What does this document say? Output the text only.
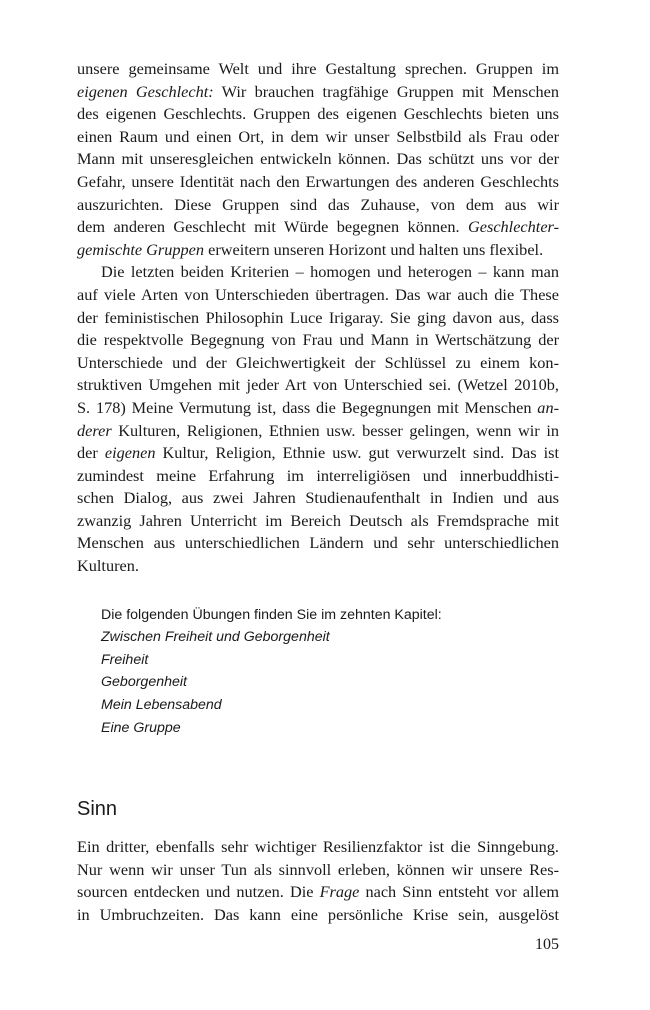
unsere gemeinsame Welt und ihre Gestaltung sprechen. Gruppen im
eigenen Geschlecht: Wir brauchen tragfähige Gruppen mit Menschen
des eigenen Geschlechts. Gruppen des eigenen Geschlechts bieten uns
einen Raum und einen Ort, in dem wir unser Selbstbild als Frau oder
Mann mit unseresgleichen entwickeln können. Das schützt uns vor der
Gefahr, unsere Identität nach den Erwartungen des anderen Geschlechts
auszurichten. Diese Gruppen sind das Zuhause, von dem aus wir
dem anderen Geschlecht mit Würde begegnen können. Geschlechter-
gemischte Gruppen erweitern unseren Horizont und halten uns flexibel.
Die letzten beiden Kriterien – homogen und heterogen – kann man
auf viele Arten von Unterschieden übertragen. Das war auch die These
der feministischen Philosophin Luce Irigaray. Sie ging davon aus, dass
die respektvolle Begegnung von Frau und Mann in Wertschätzung der
Unterschiede und der Gleichwertigkeit der Schlüssel zu einem kon-
struktiven Umgehen mit jeder Art von Unterschied sei. (Wetzel 2010b,
S. 178) Meine Vermutung ist, dass die Begegnungen mit Menschen an-
derer Kulturen, Religionen, Ethnien usw. besser gelingen, wenn wir in
der eigenen Kultur, Religion, Ethnie usw. gut verwurzelt sind. Das ist
zumindest meine Erfahrung im interreligiösen und innerbuddhisti-
schen Dialog, aus zwei Jahren Studienaufenthalt in Indien und aus
zwanzig Jahren Unterricht im Bereich Deutsch als Fremdsprache mit
Menschen aus unterschiedlichen Ländern und sehr unterschiedlichen
Kulturen.
Die folgenden Übungen finden Sie im zehnten Kapitel:
Zwischen Freiheit und Geborgenheit
Freiheit
Geborgenheit
Mein Lebensabend
Eine Gruppe
Sinn
Ein dritter, ebenfalls sehr wichtiger Resilienzfaktor ist die Sinngebung.
Nur wenn wir unser Tun als sinnvoll erleben, können wir unsere Res-
sourcen entdecken und nutzen. Die Frage nach Sinn entsteht vor allem
in Umbruchzeiten. Das kann eine persönliche Krise sein, ausgelöst
105
